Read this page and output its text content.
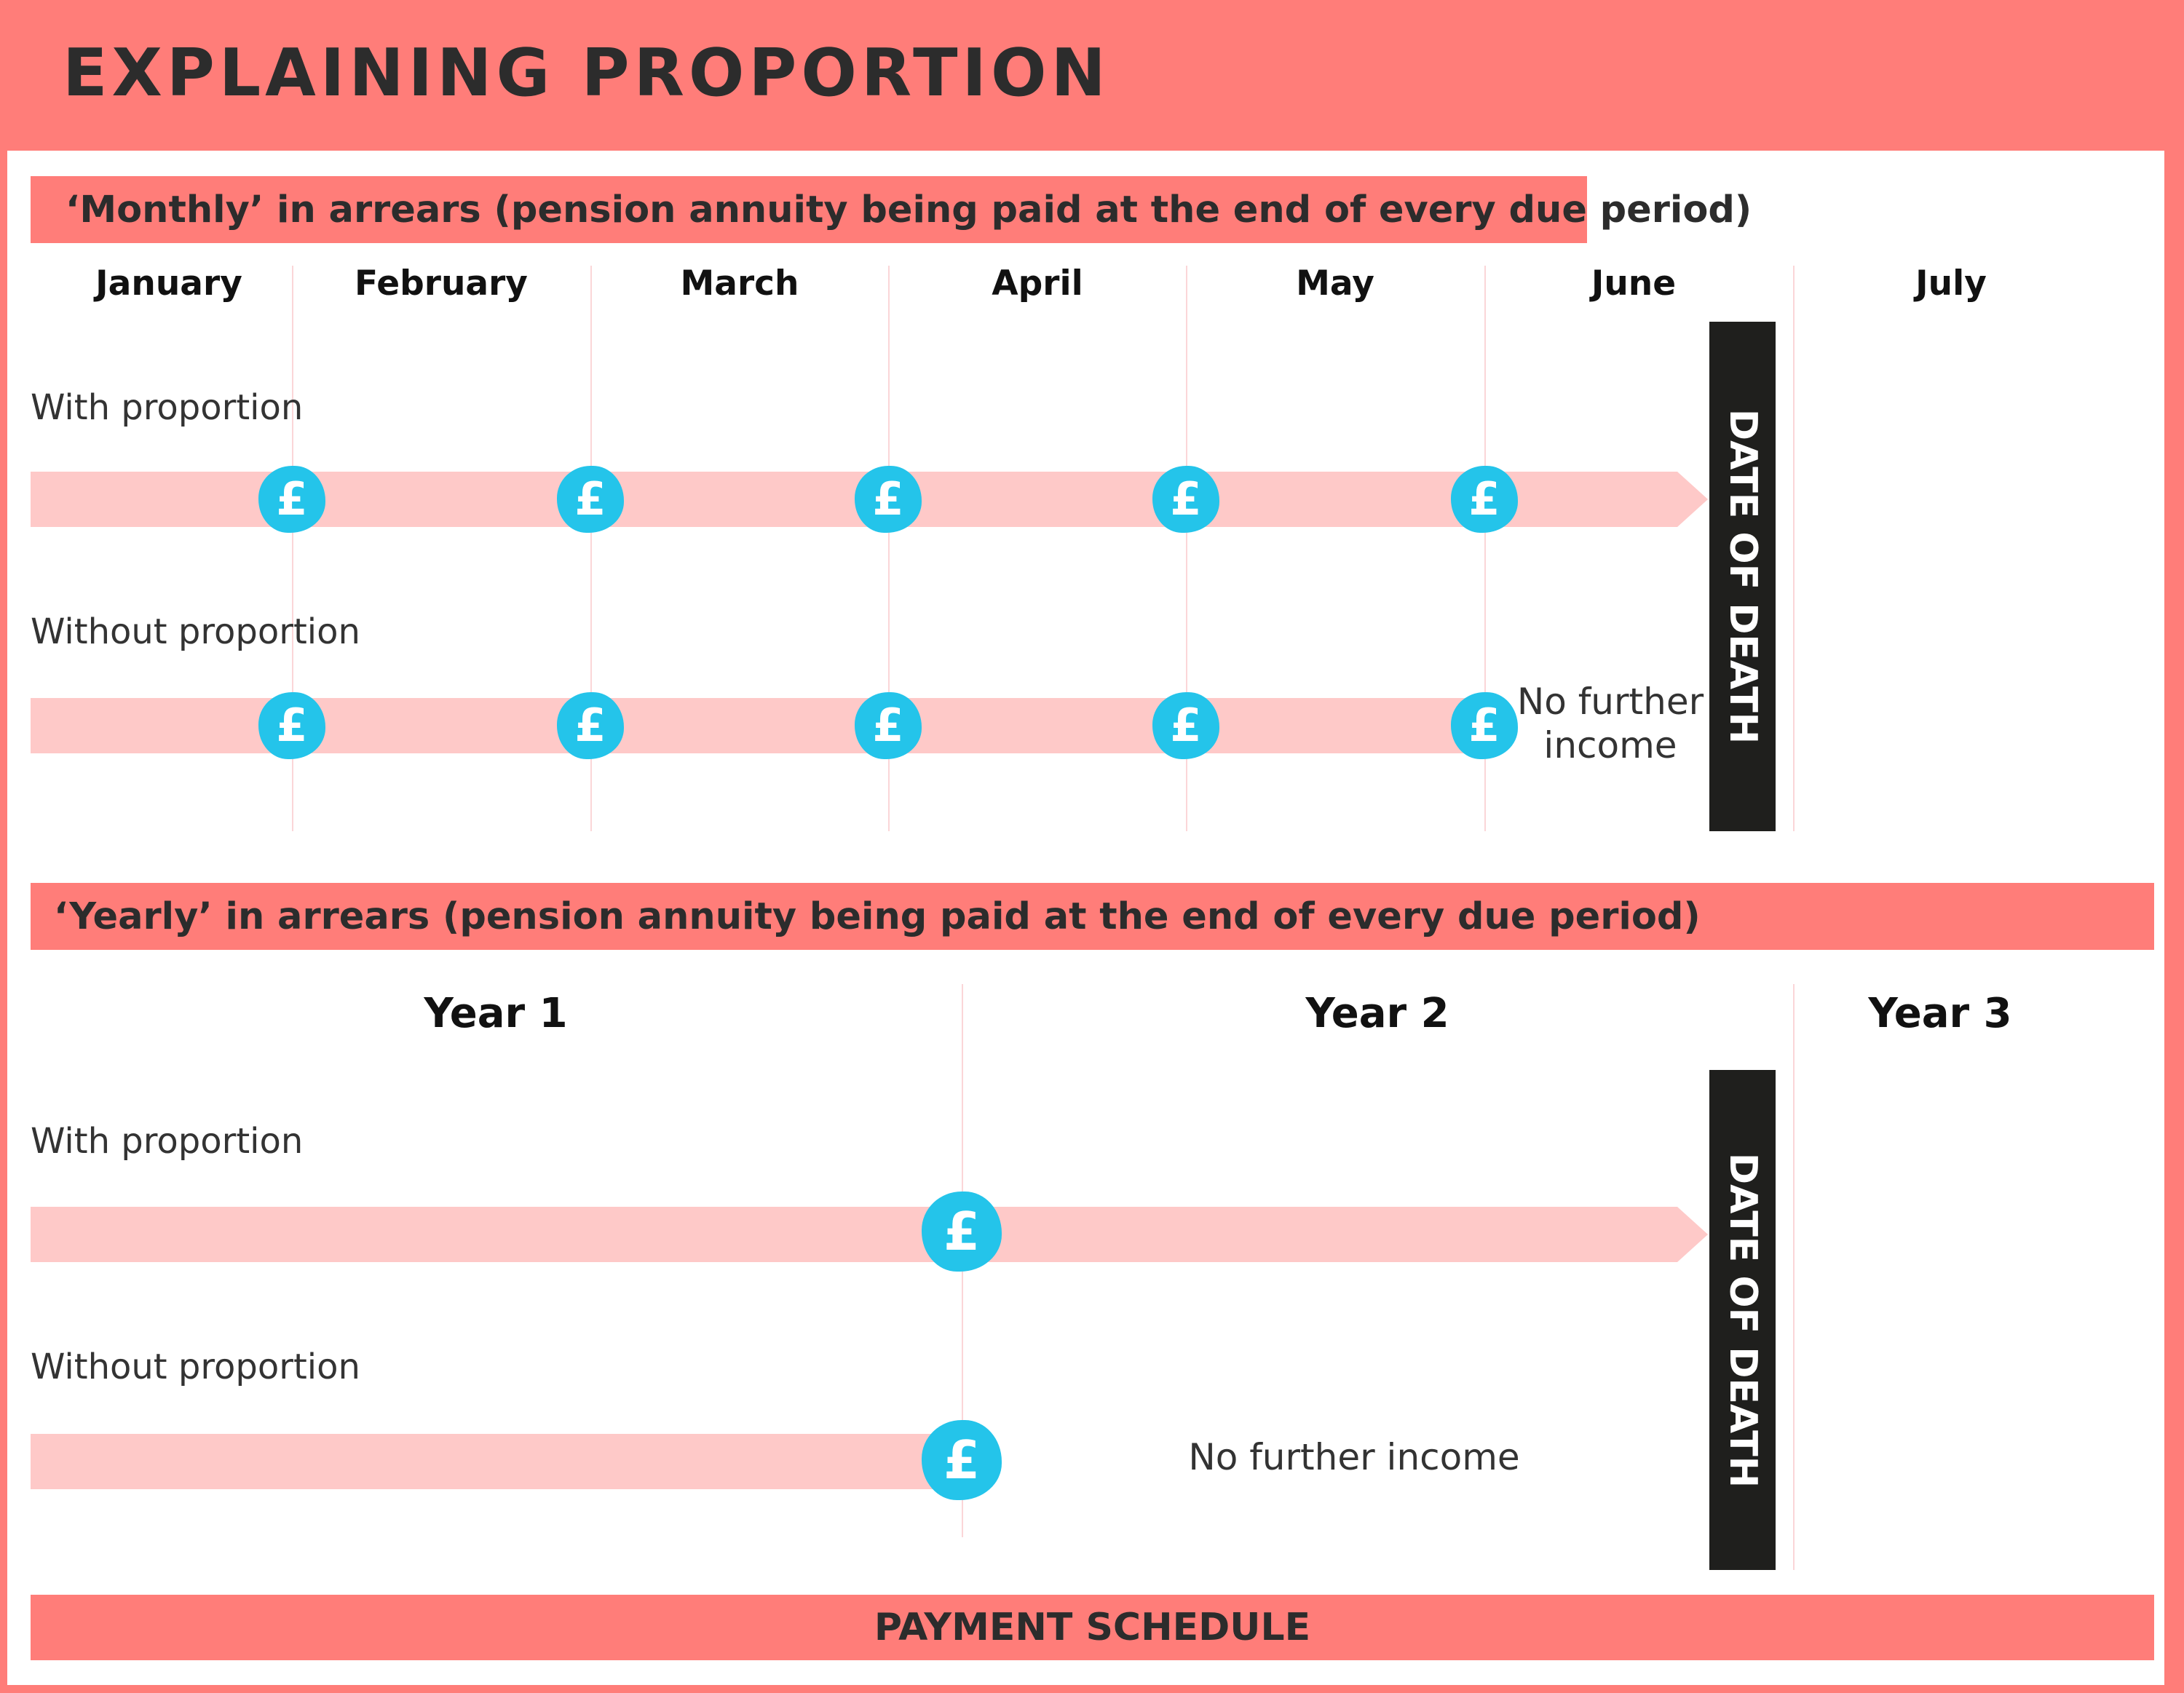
EXPLAINING PROPORTION
‘Monthly’ in arrears (pension annuity being paid at the end of every due period)
January	February	March	April	May	June	July
With proportion
£	£	£	£	£
Without proportion
£	£	£	£	£ No further
income
DATE OF DEATH
‘Yearly’ in arrears (pension annuity being paid at the end of every due period)
Year 1	Year 2	Year 3
With proportion
£
Without proportion
£	No further income	DATE OF DEATH
PAYMENT SCHEDULE
